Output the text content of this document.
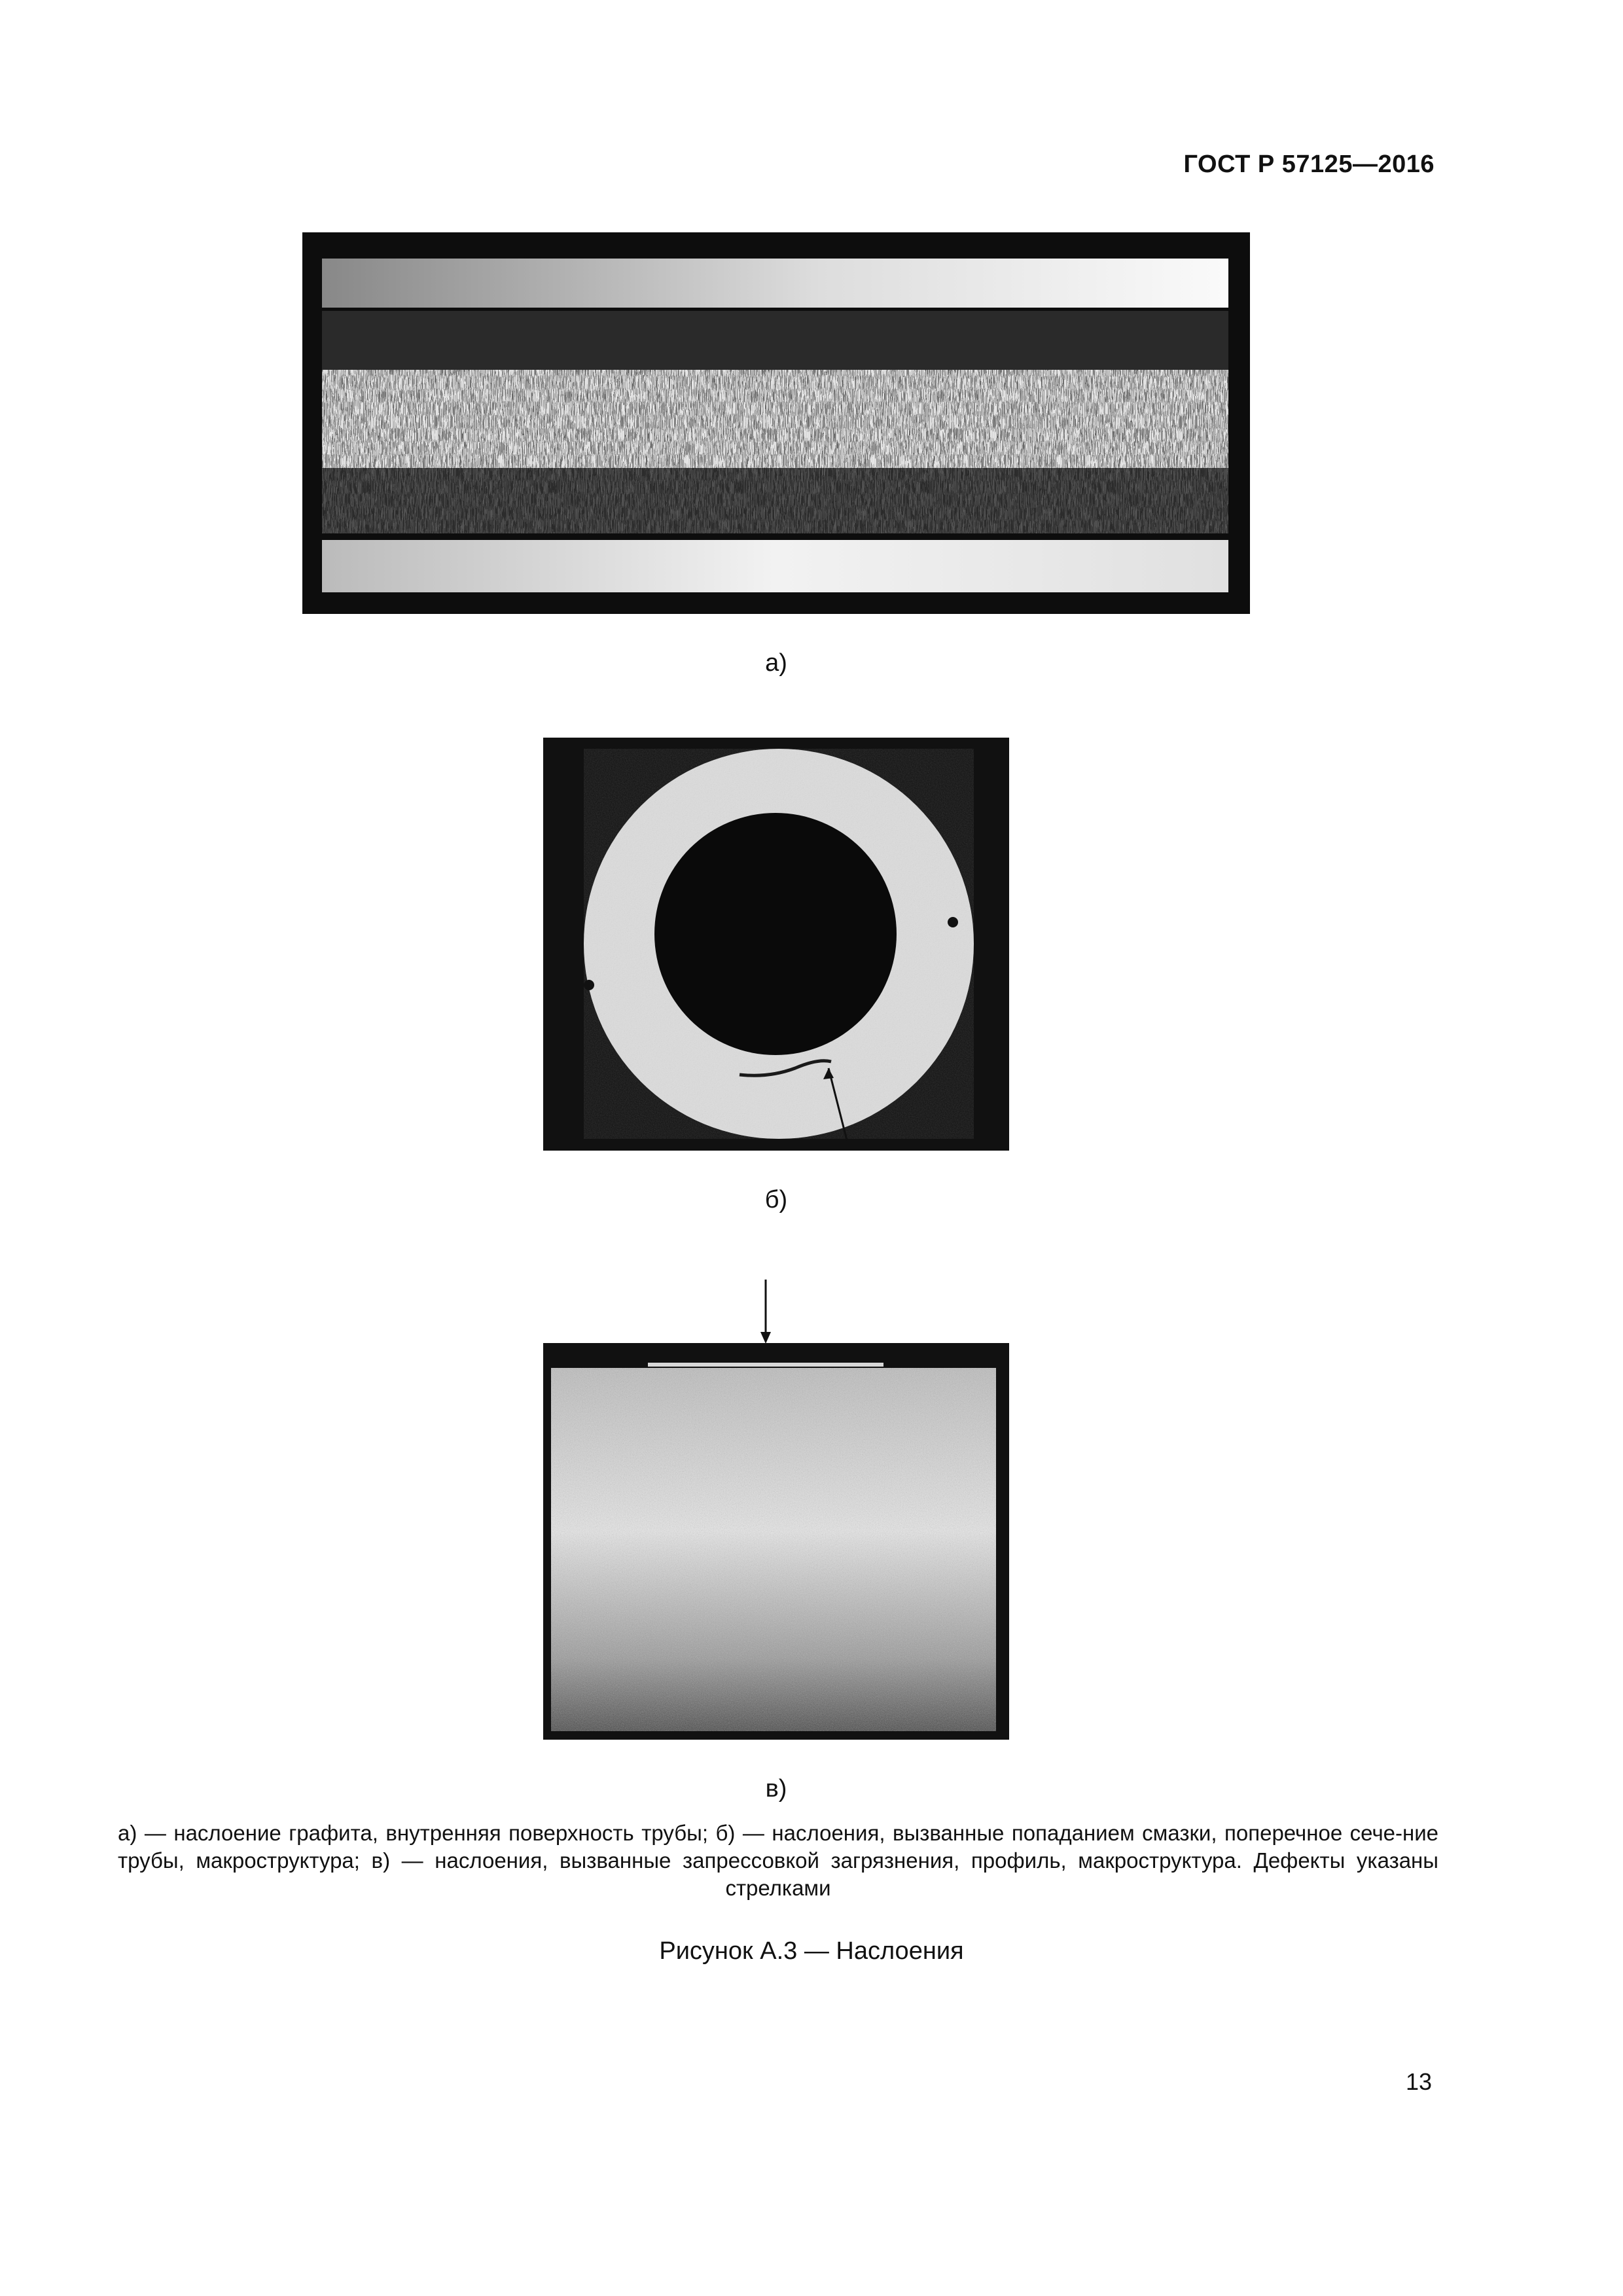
ГОСТ Р 57125—2016
а)
б)
в)
а) — наслоение графита, внутренняя поверхность трубы; б) — наслоения, вызванные попаданием смазки, поперечное сече-ние трубы, макроструктура; в) — наслоения, вызванные запрессовкой загрязнения, профиль, макроструктура. Дефекты указаны стрелками
Рисунок А.3 — Наслоения
13
